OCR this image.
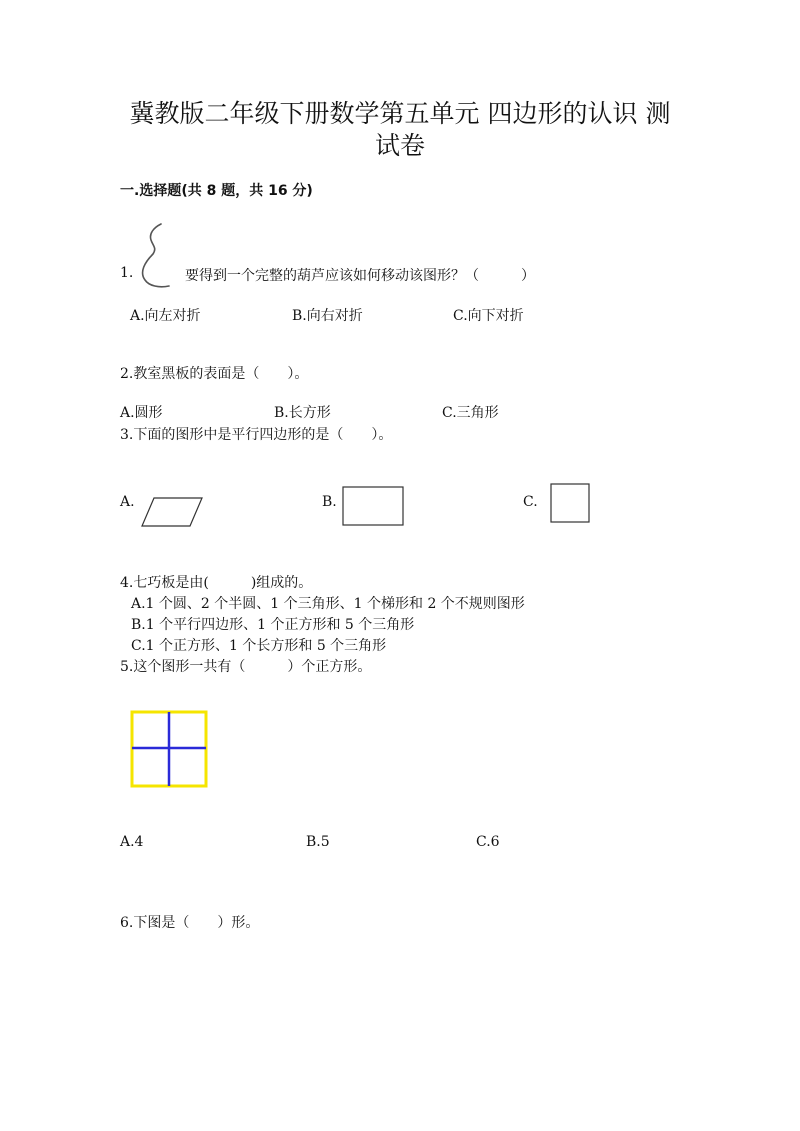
冀教版二年级下册数学第五单元 四边形的认识 测
试卷
一.选择题(共 8 题，共 16 分)
1.	要得到一个完整的葫芦应该如何移动该图形？（　　　）
A.向左对折	B.向右对折	C.向下对折
2.教室黑板的表面是（　　）。
A.圆形	B.长方形	C.三角形
3.下面的图形中是平行四边形的是（　　）。
A.	B.	C.
4.七巧板是由(　　　)组成的。
A.1 个圆、2 个半圆、1 个三角形、1 个梯形和 2 个不规则图形
B.1 个平行四边形、1 个正方形和 5 个三角形
C.1 个正方形、1 个长方形和 5 个三角形
5.这个图形一共有（　　　）个正方形。
A.4	B.5	C.6
6.下图是（　　）形。
